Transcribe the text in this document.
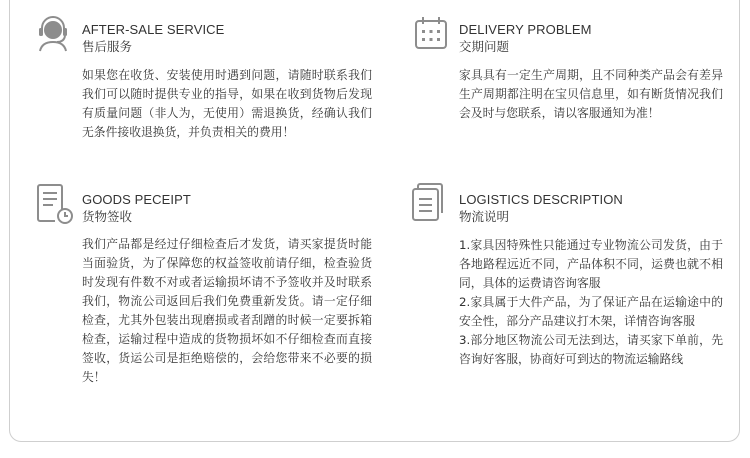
AFTER-SALE SERVICE
售后服务
如果您在收货、安装使用时遇到问题，请随时联系我们我们可以随时提供专业的指导，如果在收到货物后发现有质量问题（非人为，无使用）需退换货，经确认我们无条件接收退换货，并负责相关的费用！
DELIVERY PROBLEM
交期问题
家具具有一定生产周期，且不同种类产品会有差异生产周期都注明在宝贝信息里，如有断货情况我们会及时与您联系，请以客服通知为准！
GOODS PECEIPT
货物签收
我们产品都是经过仔细检查后才发货，请买家提货时能当面验货，为了保障您的权益签收前请仔细，检查验货时发现有件数不对或者运输损坏请不予签收并及时联系我们，物流公司返回后我们免费重新发货。请一定仔细检查，尤其外包装出现磨损或者刮蹭的时候一定要拆箱检查，运输过程中造成的货物损坏如不仔细检查而直接签收，货运公司是拒绝赔偿的，会给您带来不必要的损失！
LOGISTICS DESCRIPTION
物流说明
1.家具因特殊性只能通过专业物流公司发货，由于各地路程远近不同，产品体积不同，运费也就不相同，具体的运费请咨询客服
2.家具属于大件产品，为了保证产品在运输途中的安全性，部分产品建议打木架，详情咨询客服
3.部分地区物流公司无法到达，请买家下单前，先咨询好客服，协商好可到达的物流运输路线
